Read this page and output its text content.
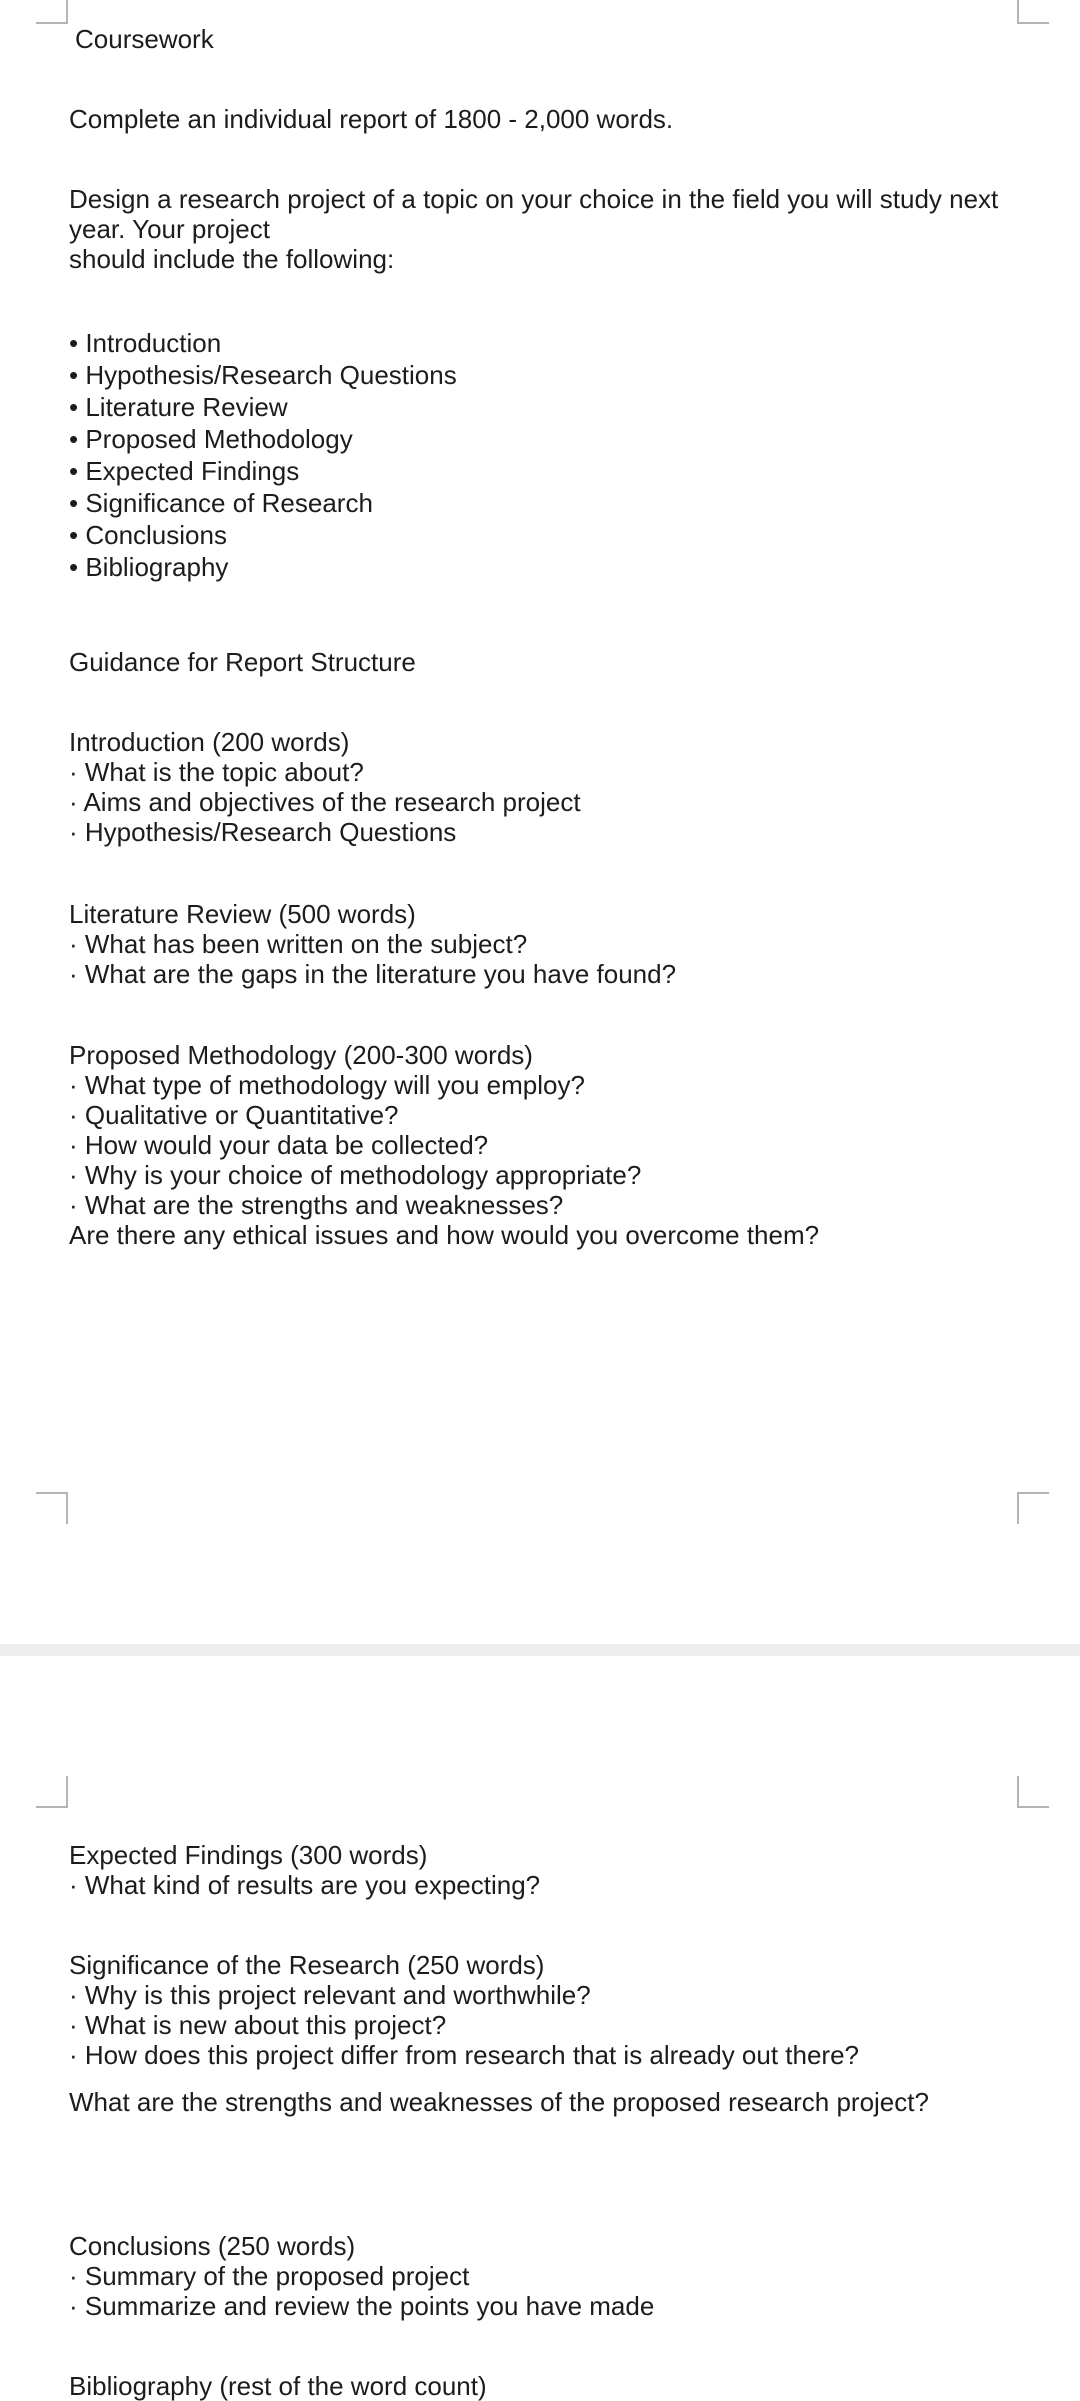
Coursework

Complete an individual report of 1800 - 2,000 words.

Design a research project of a topic on your choice in the field you will study next year. Your project
should include the following:
• Introduction
• Hypothesis/Research Questions
• Literature Review
• Proposed Methodology
• Expected Findings
• Significance of Research
• Conclusions
• Bibliography

Guidance for Report Structure

Introduction (200 words)

· What is the topic about?
· Aims and objectives of the research project
· Hypothesis/Research Questions

Literature Review (500 words)

· What has been written on the subject?
· What are the gaps in the literature you have found?

Proposed Methodology (200-300 words)

· What type of methodology will you employ?
· Qualitative or Quantitative?
· How would your data be collected?
· Why is your choice of methodology appropriate?
· What are the strengths and weaknesses?

Are there any ethical issues and how would you overcome them?

Expected Findings (300 words)

· What kind of results are you expecting?

Significance of the Research (250 words)

· Why is this project relevant and worthwhile?
· What is new about this project?
· How does this project differ from research that is already out there?

What are the strengths and weaknesses of the proposed research project?

Conclusions (250 words)

· Summary of the proposed project
· Summarize and review the points you have made

Bibliography (rest of the word count)
